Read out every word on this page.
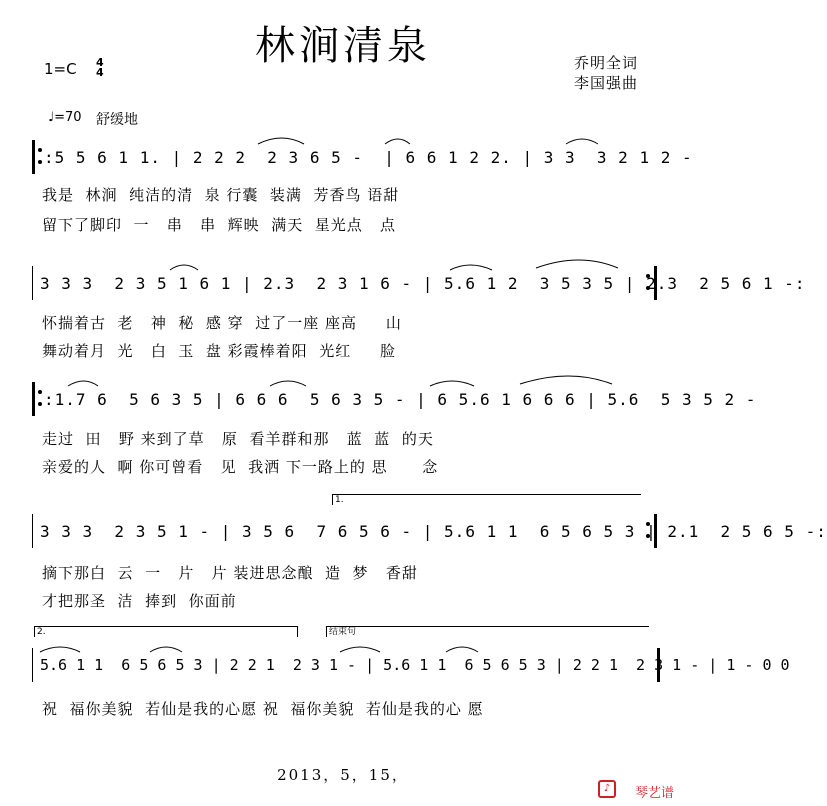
林涧清泉	乔明全词
李国强曲
1=C 4
4
♩=70 舒缓地
:5 5 6 1 1. | 2 2 2  2 3 6 5 -  | 6 6 1 2 2. | 3 3  3 2 1 2 -
我是  林涧  纯洁的清  泉 行囊  装满  芳香鸟 语甜
留下了脚印  一   串   串  辉映  满天  星光点   点
3 3 3  2 3 5 1 6 1 | 2.3  2 3 1 6 - | 5.6 1 2  3 5 3 5 | 2.3  2 5 6 1 -:
怀揣着古  老   神  秘  感 穿  过了一座 座高     山
舞动着月  光   白  玉  盘 彩霞棒着阳  光红     脸
:1.7 6  5 6 3 5 | 6 6 6  5 6 3 5 - | 6 5.6 1 6 6 6 | 5.6  5 3 5 2 -
走过  田   野 来到了草   原  看羊群和那   蓝  蓝  的天
亲爱的人  啊 你可曾看   见  我洒 下一路上的 思      念
1.
3 3 3  2 3 5 1 - | 3 5 6  7 6 5 6 - | 5.6 1 1  6 5 6 5 3 | 2.1  2 5 6 5 -:
摘下那白  云  一   片   片 装进思念酿  造  梦   香甜
才把那圣  洁  捧到  你面前
2.	结束句
5.6 1 1  6 5 6 5 3 | 2 2 1  2 3 1 - | 5.6 1 1  6 5 6 5 3 | 2 2 1  2 3 1 - | 1 - 0 0
祝  福你美貌  若仙是我的心愿 祝  福你美貌  若仙是我的心 愿
2013，5，15，
♪	琴艺谱
